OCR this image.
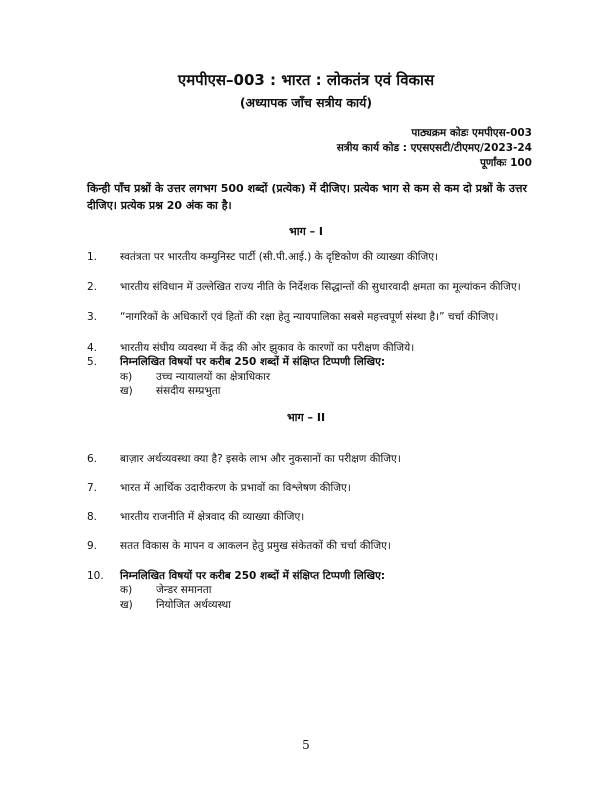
एमपीएस–003 : भारत : लोकतंत्र एवं विकास
(अध्यापक जाँच सत्रीय कार्य)
पाठ्यक्रम कोडः एमपीएस-003
सत्रीय कार्य कोड : एएसएसटी/टीएमए/2023-24
पूर्णांकः 100
किन्ही पाँच प्रश्नों के उत्तर लगभग 500 शब्दों (प्रत्येक) में दीजिए। प्रत्येक भाग से कम से कम दो प्रश्नों के उत्तर दीजिए। प्रत्येक प्रश्न 20 अंक का है।
भाग – I
1.	स्वतंत्रता पर भारतीय कम्युनिस्ट पार्टी (सी.पी.आई.) के दृष्टिकोण की व्याख्या कीजिए।
2.	भारतीय संविधान में उल्लेखित राज्य नीति के निर्देशक सिद्धान्तों की सुधारवादी क्षमता का मूल्यांकन कीजिए।
3.	“नागरिकों के अधिकारों एवं हितों की रक्षा हेतु न्यायपालिका सबसे महत्त्वपूर्ण संस्था है।” चर्चा कीजिए।
4.	भारतीय संघीय व्यवस्था में केंद्र की ओर झुकाव के कारणों का परीक्षण कीजिये।
5.	निम्नलिखित विषयों पर करीब 250 शब्दों में संक्षिप्त टिप्पणी लिखिए:
क) उच्च न्यायालयों का क्षेत्राधिकार
ख) संसदीय सम्प्रभुता
भाग – II
6.	बाज़ार अर्थव्यवस्था क्या है? इसके लाभ और नुकसानों का परीक्षण कीजिए।
7.	भारत में आर्थिक उदारीकरण के प्रभावों का विश्लेषण कीजिए।
8.	भारतीय राजनीति में क्षेत्रवाद की व्याख्या कीजिए।
9.	सतत विकास के मापन व आकलन हेतु प्रमुख संकेतकों की चर्चा कीजिए।
10.	निम्नलिखित विषयों पर करीब 250 शब्दों में संक्षिप्त टिप्पणी लिखिए:
क) जेन्डर समानता
ख) नियोजित अर्थव्यस्था
5
